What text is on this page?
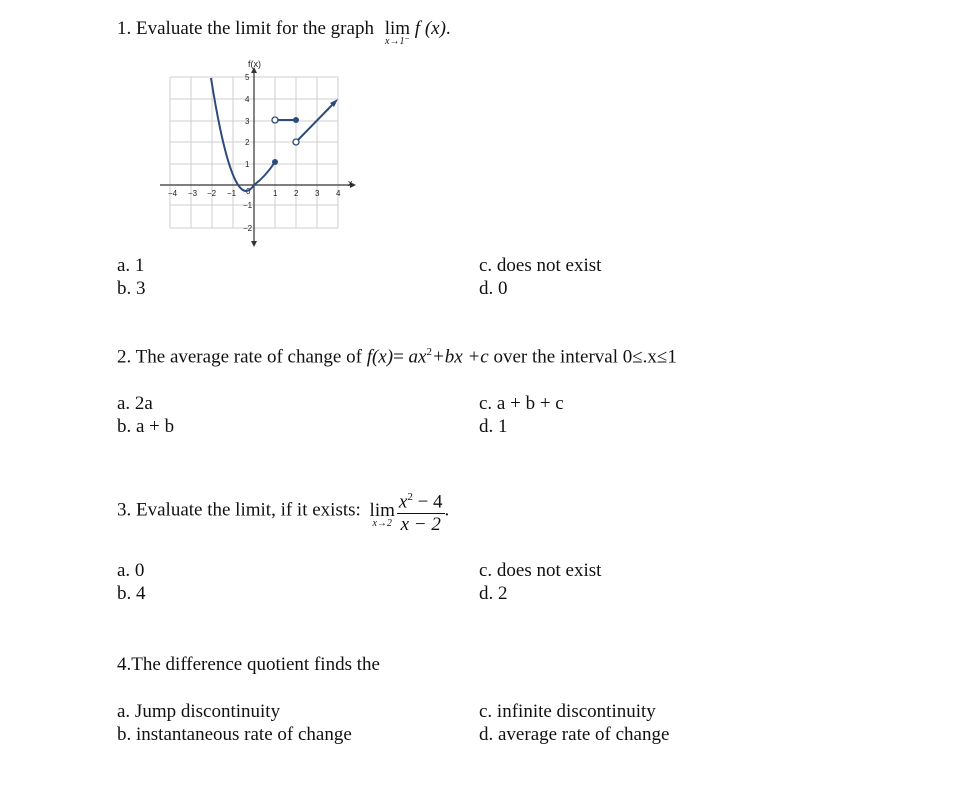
1. Evaluate the limit for the graph lim
x→1⁻
f (x).
f(x)
x
0
−4 −3 −2 −1	1 2 3 4
5
4
3
2
1
−1
−2
a. 1
b. 3
c. does not exist
d. 0
2. The average rate of change of $f(x)= ax^2+bx +c$ over the interval 0≤.x≤1
a. 2a
b. a + b
c. a + b + c
d. 1
3. Evaluate the limit, if it exists: lim
$x\to 2 \frac{x^2 - 4}{x - 2}$ .
a. 0
b. 4
c. does not exist
d. 2
4.The difference quotient finds the
a. Jump discontinuity
b. instantaneous rate of change
c. infinite discontinuity
d. average rate of change
